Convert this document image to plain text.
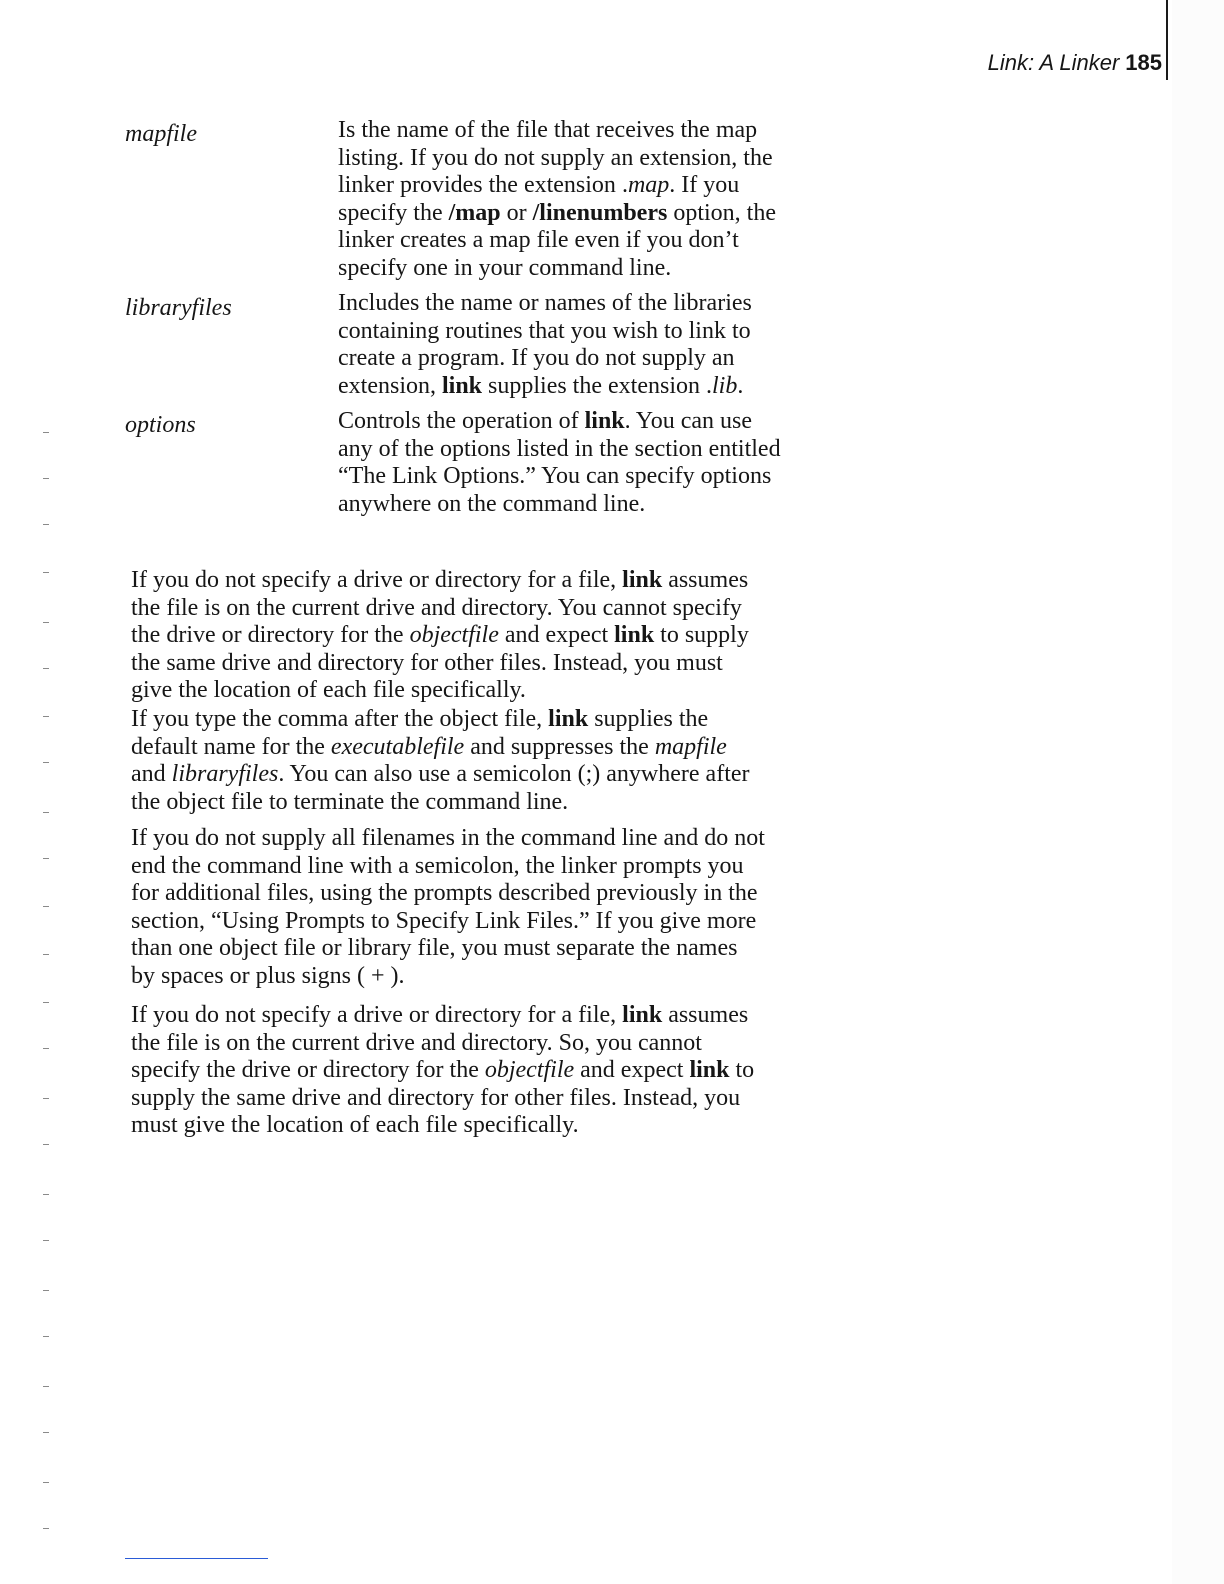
Link: A Linker 185
mapfile	Is the name of the file that receives the map
listing. If you do not supply an extension, the
linker provides the extension .map. If you
specify the /map or /linenumbers option, the
linker creates a map file even if you don’t
specify one in your command line.
libraryfiles	Includes the name or names of the libraries
containing routines that you wish to link to
create a program. If you do not supply an
extension, link supplies the extension .lib.
options	Controls the operation of link. You can use
any of the options listed in the section entitled
“The Link Options.” You can specify options
anywhere on the command line.
If you do not specify a drive or directory for a file, link assumes
the file is on the current drive and directory. You cannot specify
the drive or directory for the objectfile and expect link to supply
the same drive and directory for other files. Instead, you must
give the location of each file specifically.
If you type the comma after the object file, link supplies the
default name for the executablefile and suppresses the mapfile
and libraryfiles. You can also use a semicolon (;) anywhere after
the object file to terminate the command line.
If you do not supply all filenames in the command line and do not
end the command line with a semicolon, the linker prompts you
for additional files, using the prompts described previously in the
section, “Using Prompts to Specify Link Files.” If you give more
than one object file or library file, you must separate the names
by spaces or plus signs ( + ).
If you do not specify a drive or directory for a file, link assumes
the file is on the current drive and directory. So, you cannot
specify the drive or directory for the objectfile and expect link to
supply the same drive and directory for other files. Instead, you
must give the location of each file specifically.
